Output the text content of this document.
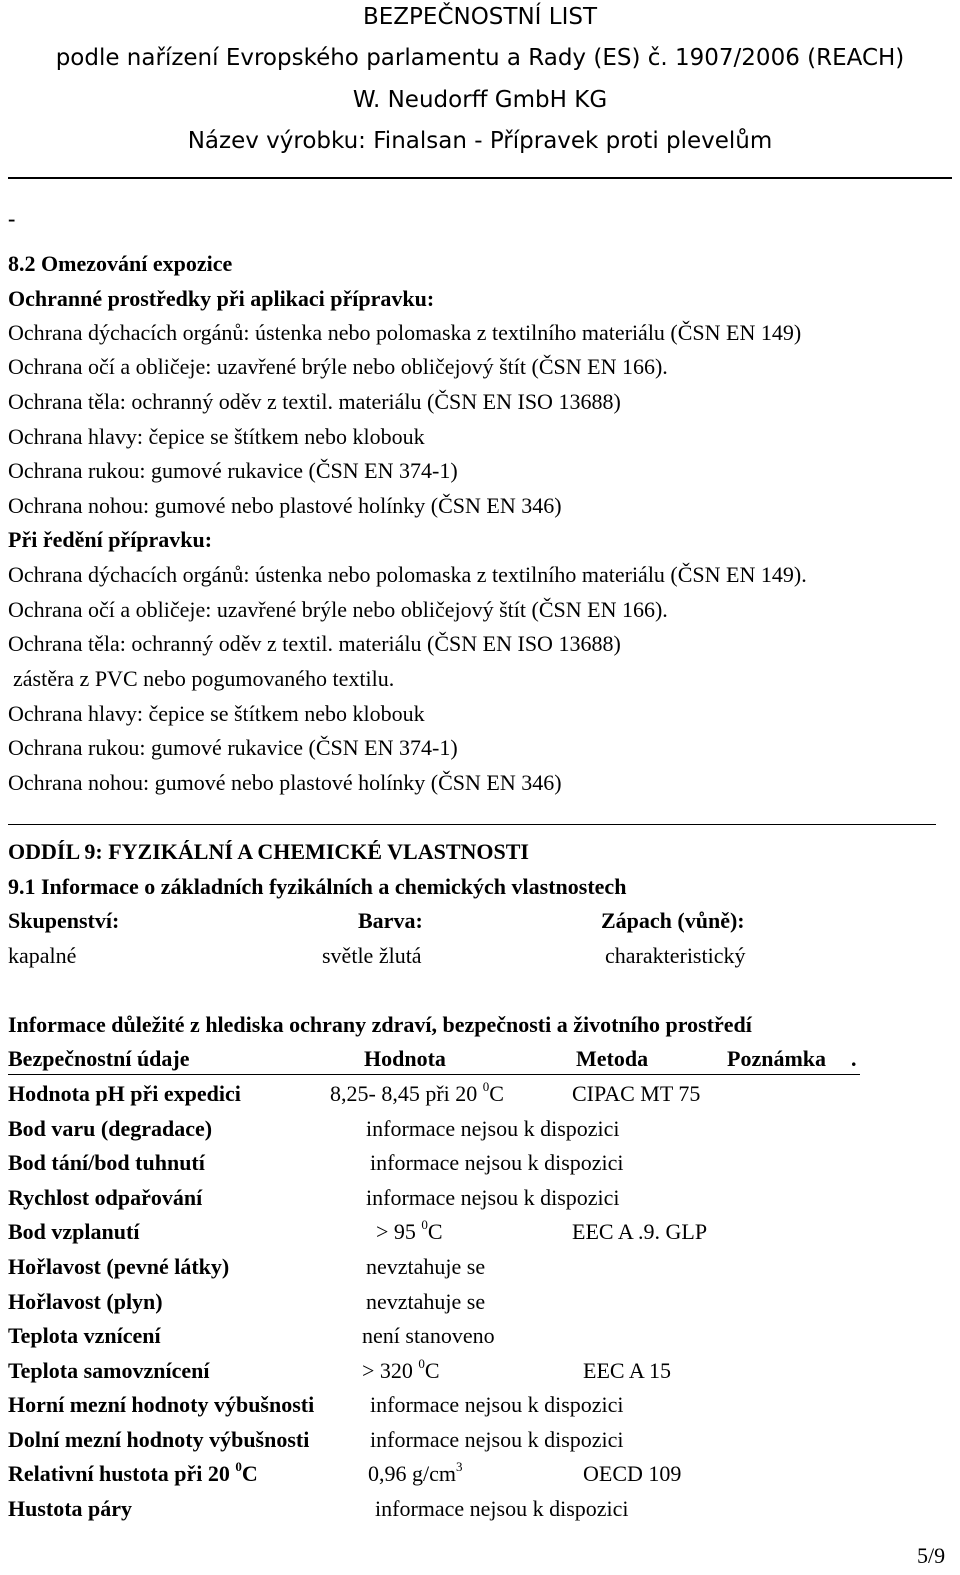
BEZPEČNOSTNÍ LIST
podle nařízení Evropského parlamentu a Rady (ES) č. 1907/2006 (REACH)
W. Neudorff GmbH KG
Název výrobku: Finalsan - Přípravek proti plevelům
-
8.2 Omezování expozice
Ochranné prostředky při aplikaci přípravku:
Ochrana dýchacích orgánů: ústenka nebo polomaska z textilního materiálu (ČSN EN 149)
Ochrana očí a obličeje: uzavřené brýle nebo obličejový štít (ČSN EN 166).
Ochrana těla: ochranný oděv z textil. materiálu (ČSN EN ISO 13688)
Ochrana hlavy: čepice se štítkem nebo klobouk
Ochrana rukou: gumové rukavice (ČSN EN 374-1)
Ochrana nohou: gumové nebo plastové holínky (ČSN EN 346)
Při ředění přípravku:
Ochrana dýchacích orgánů: ústenka nebo polomaska z textilního materiálu (ČSN EN 149).
Ochrana očí a obličeje: uzavřené brýle nebo obličejový štít (ČSN EN 166).
Ochrana těla: ochranný oděv z textil. materiálu (ČSN EN ISO 13688)
zástěra z PVC nebo pogumovaného textilu.
Ochrana hlavy: čepice se štítkem nebo klobouk
Ochrana rukou: gumové rukavice (ČSN EN 374-1)
Ochrana nohou: gumové nebo plastové holínky (ČSN EN 346)
ODDÍL 9: FYZIKÁLNÍ A CHEMICKÉ VLASTNOSTI
9.1 Informace o základních fyzikálních a chemických vlastnostech
Skupenství:	Barva:	Zápach (vůně):
kapalné	světle žlutá	charakteristický
Informace důležité z hlediska ochrany zdraví, bezpečnosti a životního prostředí
Bezpečnostní údaje	Hodnota	Metoda	Poznámka .
Hodnota pH při expedici	8,25- 8,45 při 20 $^0$C	CIPAC MT 75
Bod varu (degradace)	informace nejsou k dispozici
Bod tání/bod tuhnutí	informace nejsou k dispozici
Rychlost odpařování	informace nejsou k dispozici
Bod vzplanutí	> 95 $^0$C	EEC A .9. GLP
Hořlavost (pevné látky)	nevztahuje se
Hořlavost (plyn)	nevztahuje se
Teplota vznícení	není stanoveno
Teplota samovznícení	> 320 $^0$C	EEC A 15
Horní mezní hodnoty výbušnosti	informace nejsou k dispozici
Dolní mezní hodnoty výbušnosti	informace nejsou k dispozici
Relativní hustota při 20 $^0$C	0,96 $g/cm^3$	OECD 109
Hustota páry	informace nejsou k dispozici
5/9
